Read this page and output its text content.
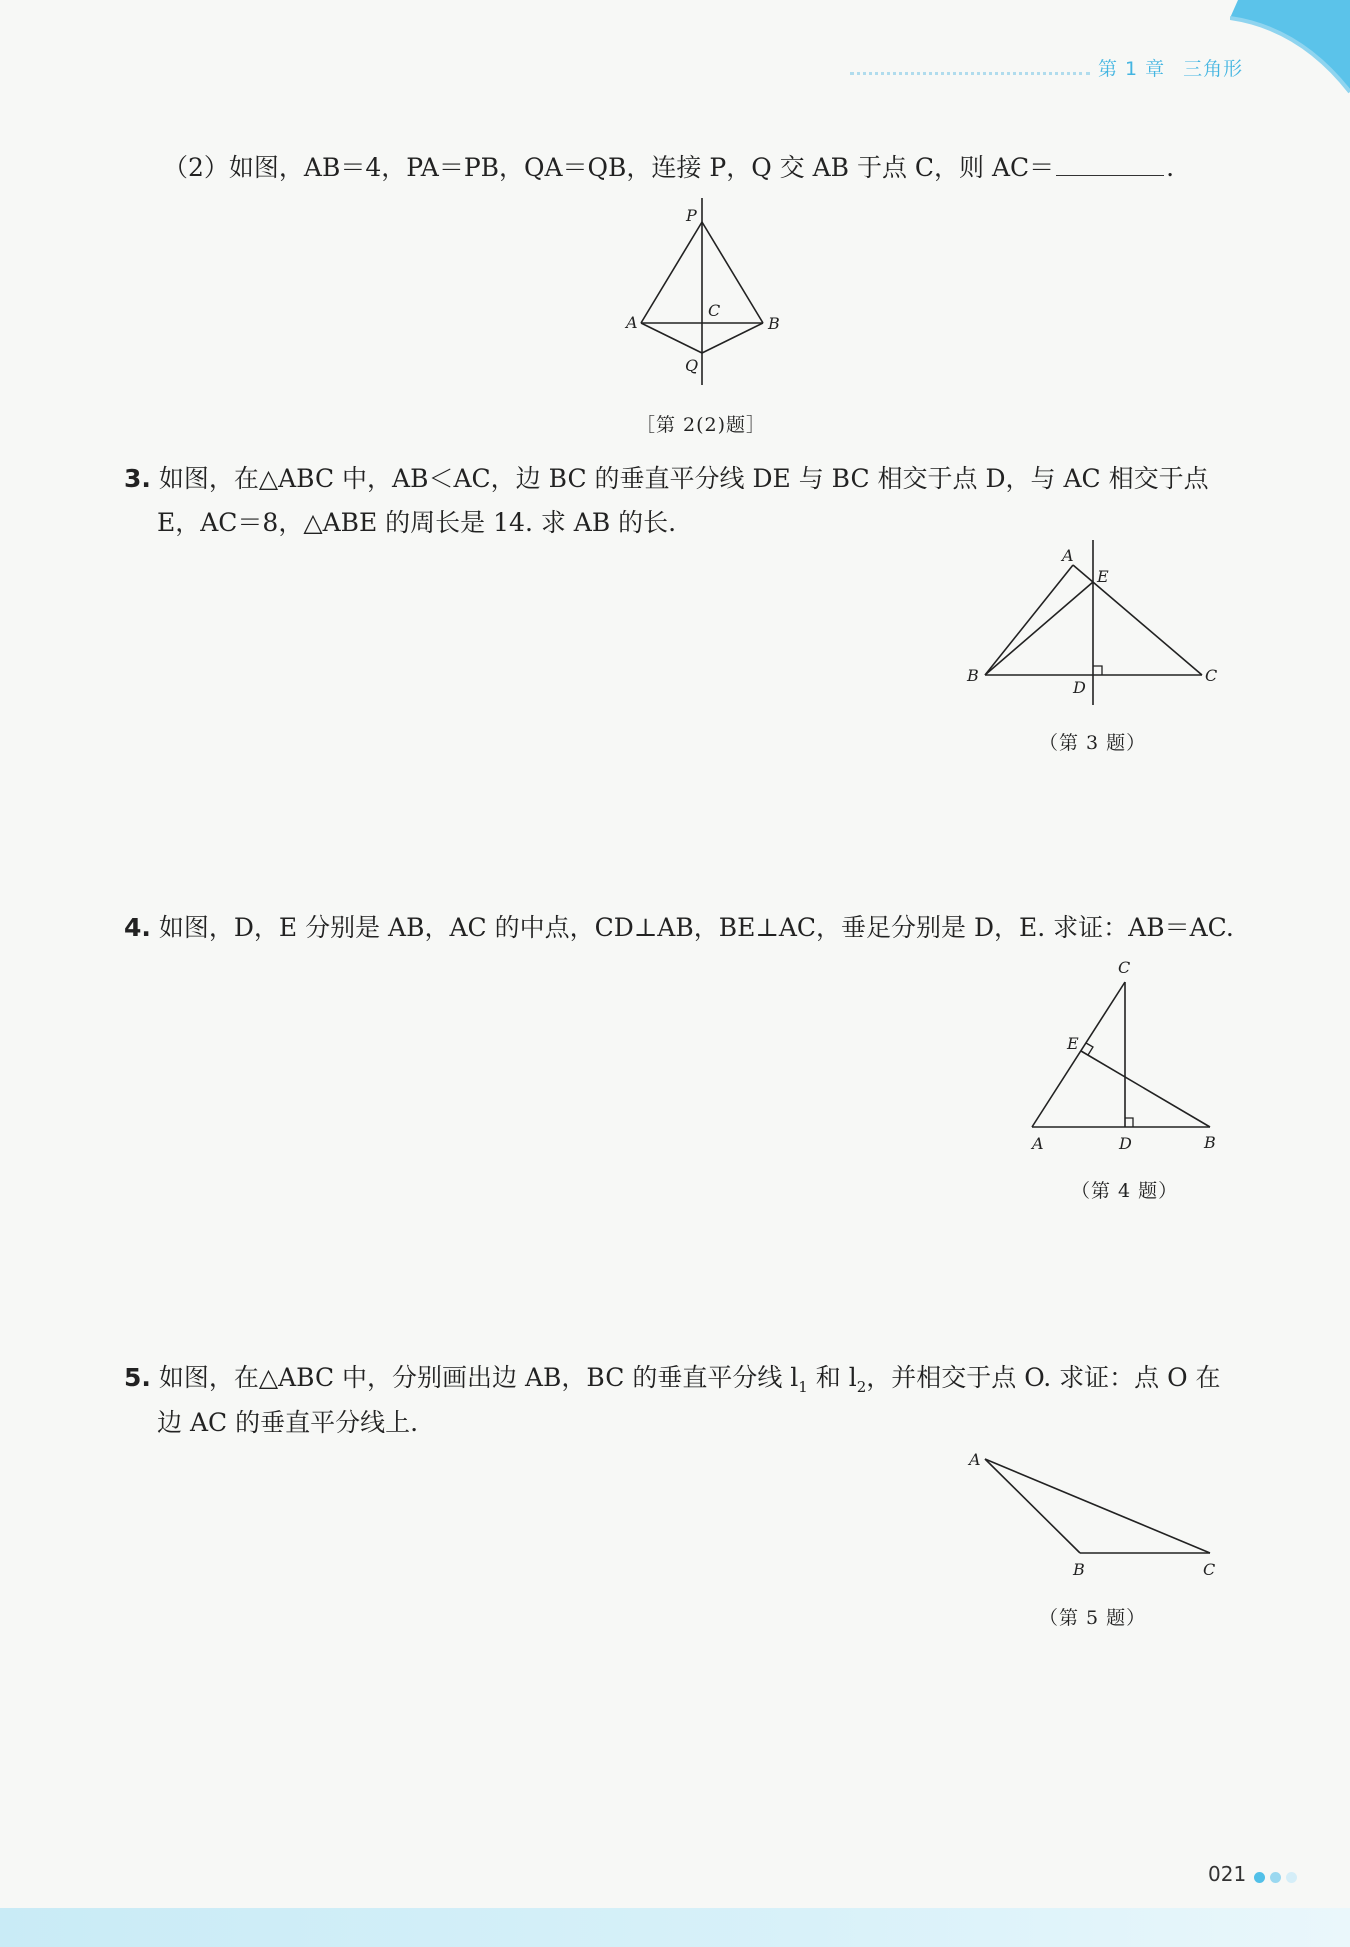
第 1 章 三角形
（2）如图，AB＝4，PA＝PB，QA＝QB，连接 P，Q 交 AB 于点 C，则 AC＝	.
P
A	B
C
Q
［第 2(2)题］
3. 如图，在△ABC 中，AB＜AC，边 BC 的垂直平分线 DE 与 BC 相交于点 D，与 AC 相交于点
E，AC＝8，△ABE 的周长是 14. 求 AB 的长.
A
E
B
D
C
（第 3 题）
4. 如图，D，E 分别是 AB，AC 的中点，CD⊥AB，BE⊥AC，垂足分别是 D，E. 求证：AB＝AC.
C
E
A	D	B
（第 4 题）
5. 如图，在△ABC 中，分别画出边 AB，BC 的垂直平分线 $l_1$ 和 $l_2$，并相交于点 O. 求证：点 O 在
边 AC 的垂直平分线上.
A
B	C
（第 5 题）
021
